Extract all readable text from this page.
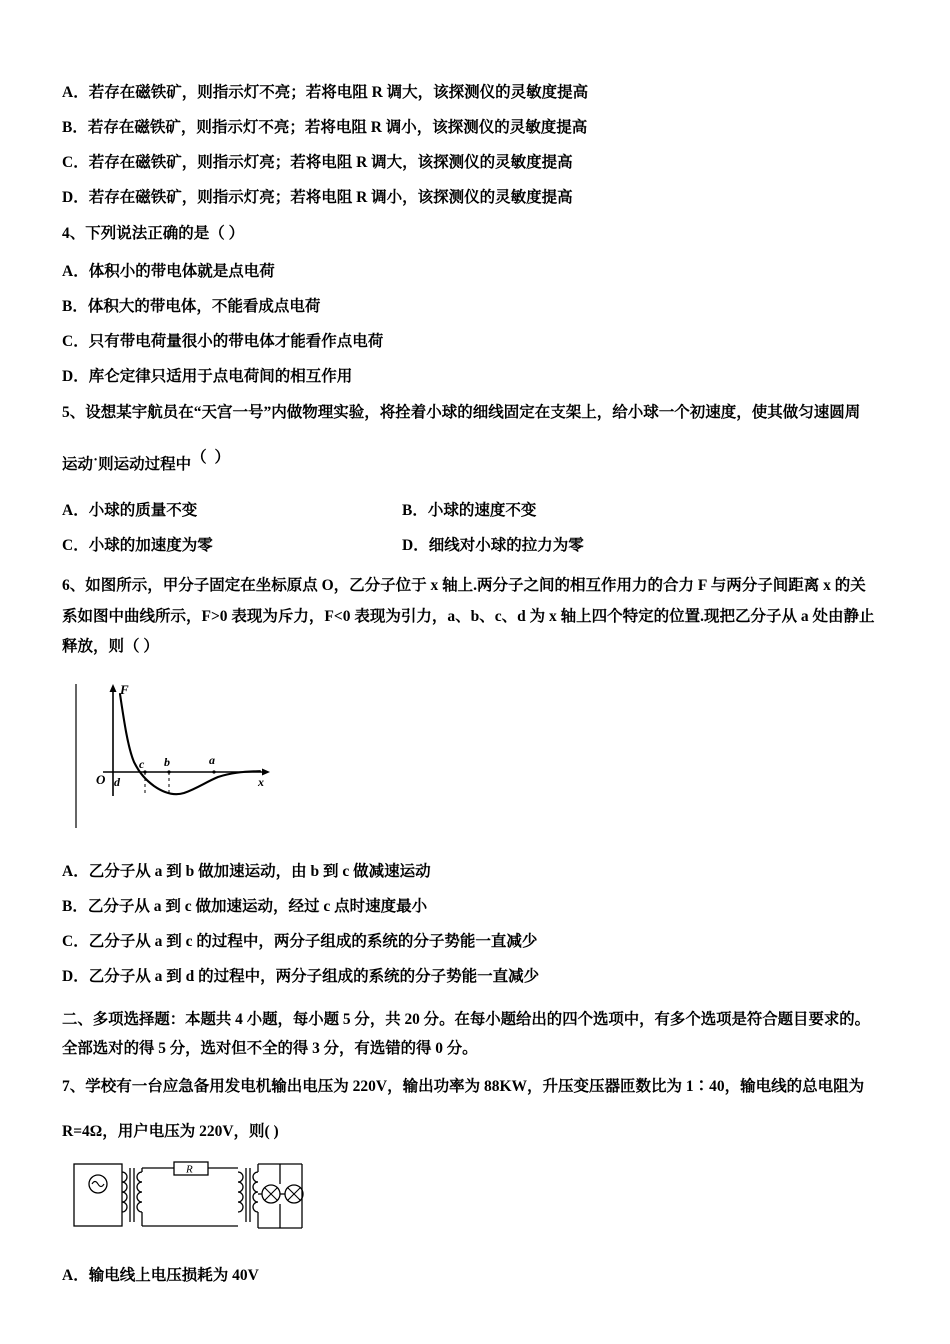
A．若存在磁铁矿，则指示灯不亮；若将电阻 R 调大，该探测仪的灵敏度提高
B．若存在磁铁矿，则指示灯不亮；若将电阻 R 调小，该探测仪的灵敏度提高
C．若存在磁铁矿，则指示灯亮；若将电阻 R 调大，该探测仪的灵敏度提高
D．若存在磁铁矿，则指示灯亮；若将电阻 R 调小，该探测仪的灵敏度提高
4、下列说法正确的是（ ）
A．体积小的带电体就是点电荷
B．体积大的带电体，不能看成点电荷
C．只有带电荷量很小的带电体才能看作点电荷
D．库仑定律只适用于点电荷间的相互作用
5、设想某宇航员在“天宫一号”内做物理实验，将拴着小球的细线固定在支架上，给小球一个初速度，使其做匀速圆周
运动˙则运动过程中（ ）
A．小球的质量不变	B．小球的速度不变
C．小球的加速度为零	D．细线对小球的拉力为零
6、如图所示，甲分子固定在坐标原点 O，乙分子位于 x 轴上.两分子之间的相互作用力的合力 F 与两分子间距离 x 的关
系如图中曲线所示，F>0 表现为斥力，F<0 表现为引力，a、b、c、d 为 x 轴上四个特定的位置.现把乙分子从 a 处由静止
释放，则（ ）
F
x
O d
c b	a
A．乙分子从 a 到 b 做加速运动，由 b 到 c 做减速运动
B．乙分子从 a 到 c 做加速运动，经过 c 点时速度最小
C．乙分子从 a 到 c 的过程中，两分子组成的系统的分子势能一直减少
D．乙分子从 a 到 d 的过程中，两分子组成的系统的分子势能一直减少
二、多项选择题：本题共 4 小题，每小题 5 分，共 20 分。在每小题给出的四个选项中，有多个选项是符合题目要求的。
全部选对的得 5 分，选对但不全的得 3 分，有选错的得 0 分。
7、学校有一台应急备用发电机输出电压为 220V，输出功率为 88KW，升压变压器匝数比为 1∶40，输电线的总电阻为
R=4Ω，用户电压为 220V，则( )
R
A．输电线上电压损耗为 40V
